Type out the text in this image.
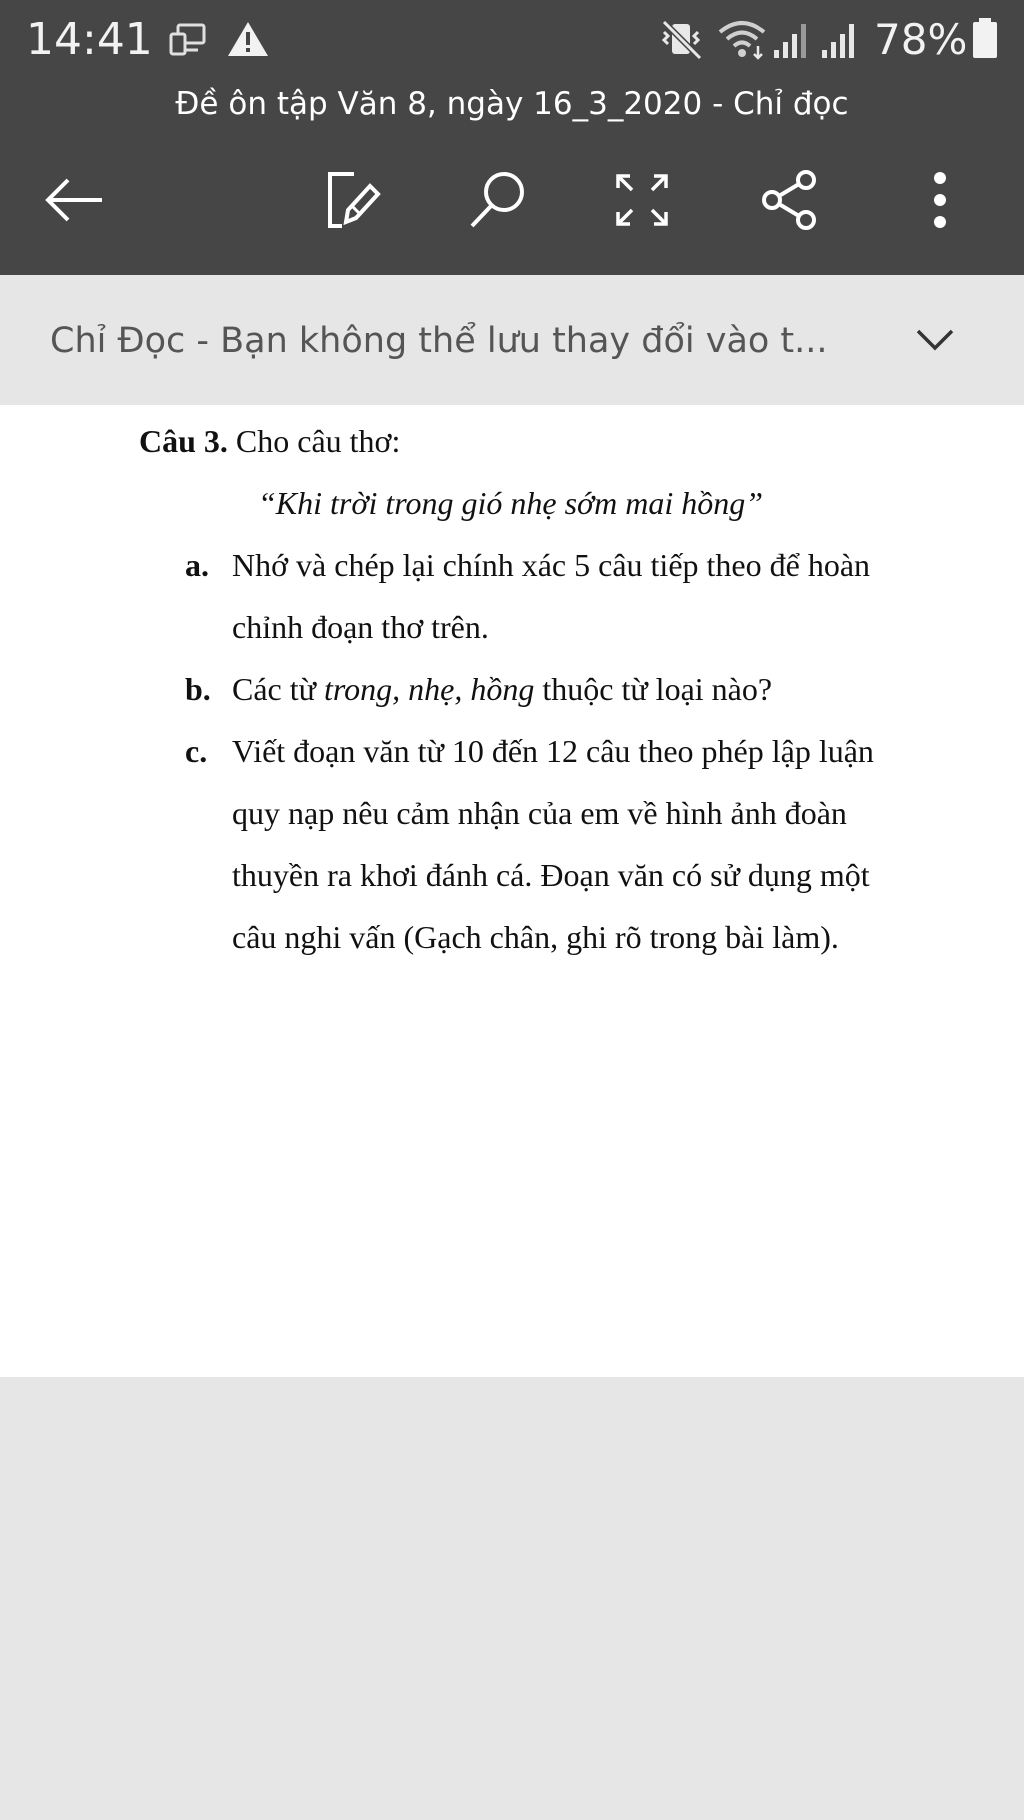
14:41	78%
Đề ôn tập Văn 8, ngày 16_3_2020 - Chỉ đọc
Chỉ Đọc - Bạn không thể lưu thay đổi vào t...
Câu 3. Cho câu thơ:
“Khi trời trong gió nhẹ sớm mai hồng”
a. Nhớ và chép lại chính xác 5 câu tiếp theo để hoàn
chỉnh đoạn thơ trên.
b. Các từ trong, nhẹ, hồng thuộc từ loại nào?
c. Viết đoạn văn từ 10 đến 12 câu theo phép lập luận
quy nạp nêu cảm nhận của em về hình ảnh đoàn
thuyền ra khơi đánh cá. Đoạn văn có sử dụng một
câu nghi vấn (Gạch chân, ghi rõ trong bài làm).
